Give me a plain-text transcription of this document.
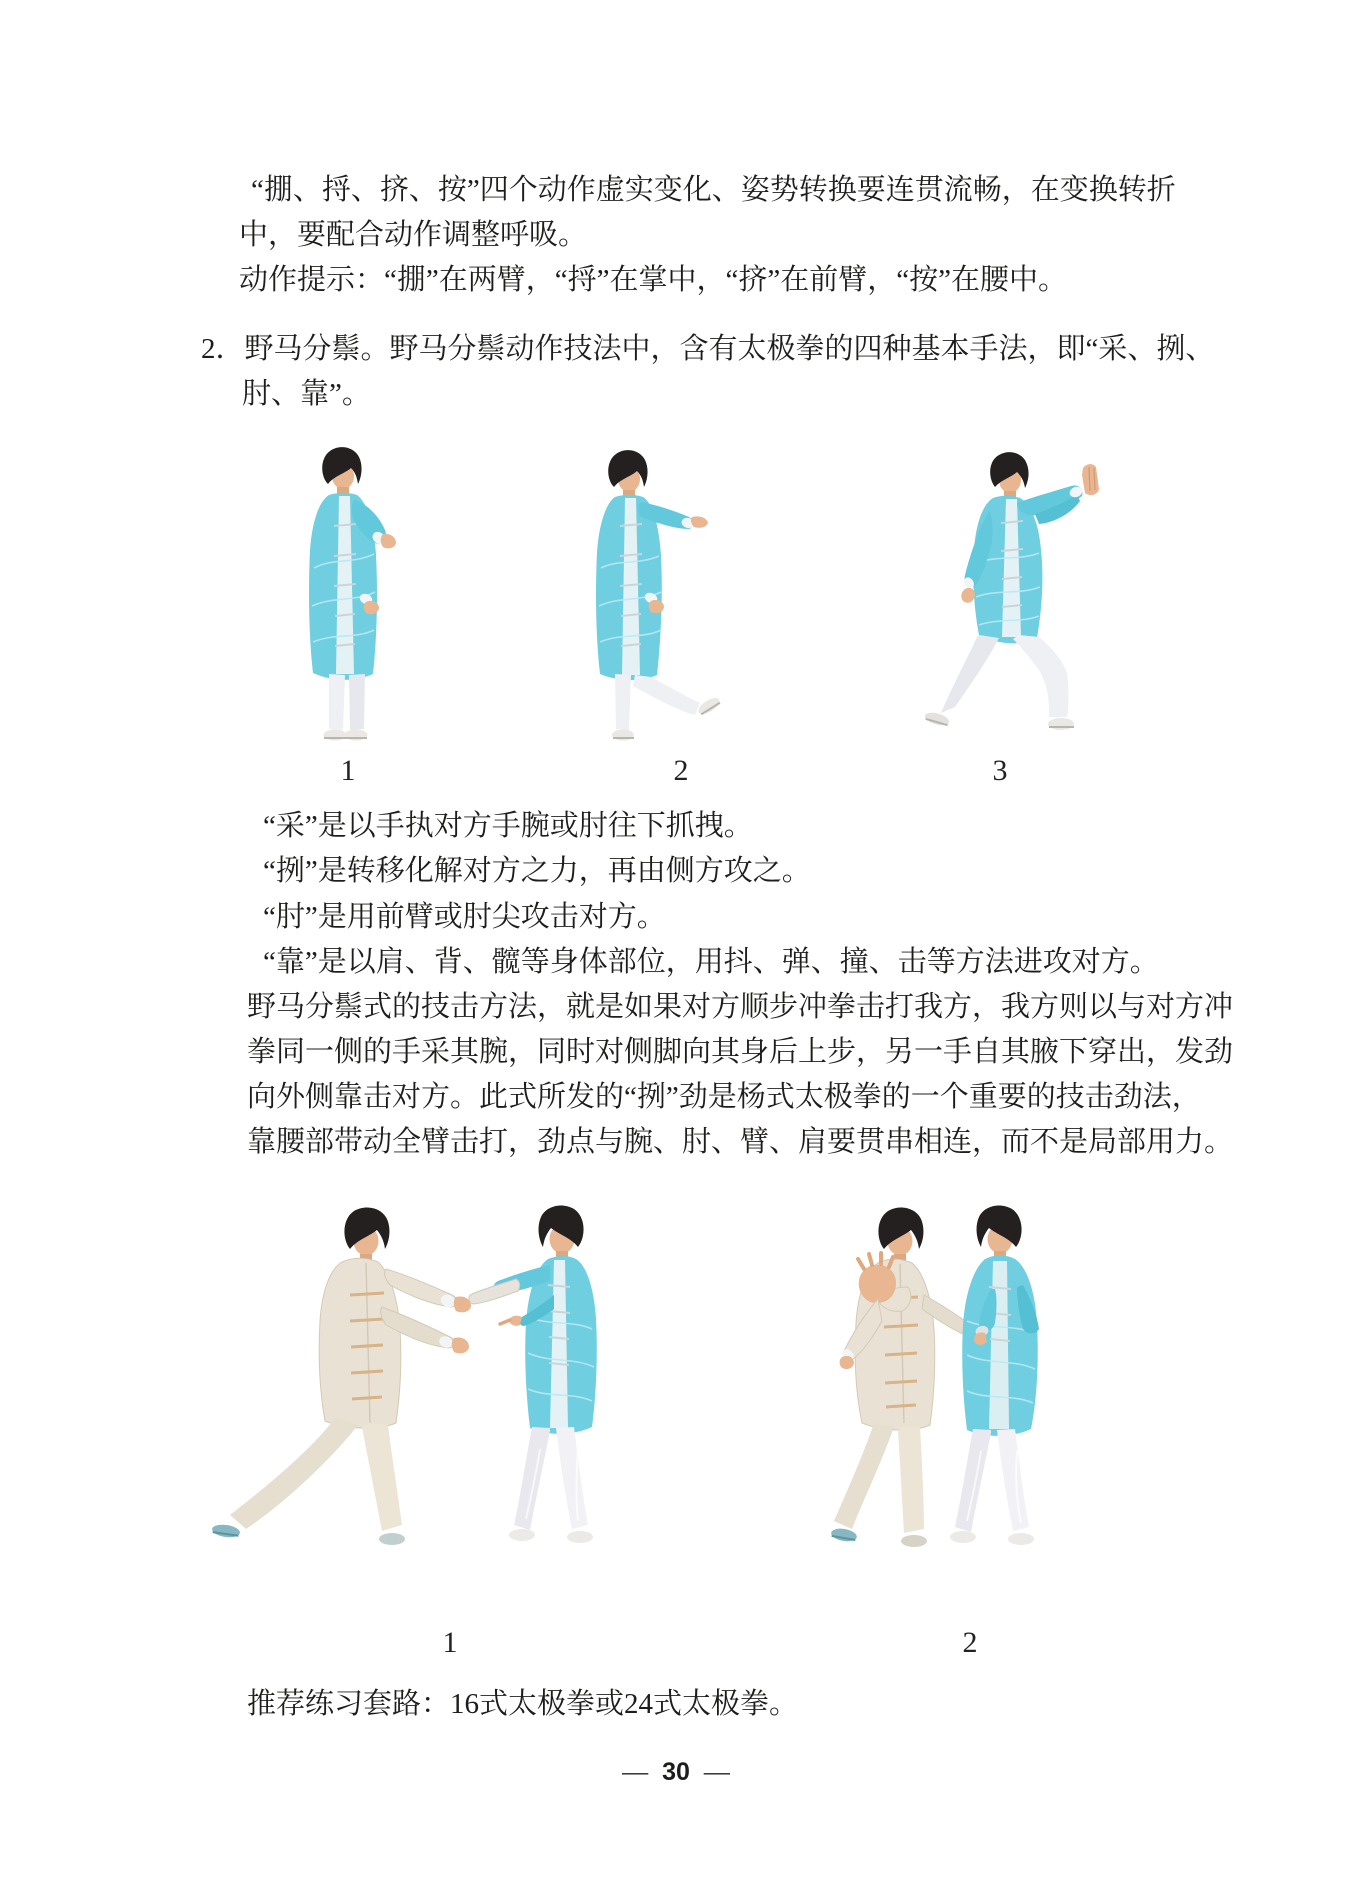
“掤、捋、挤、按”四个动作虚实变化、姿势转换要连贯流畅，在变换转折
中，要配合动作调整呼吸。
动作提示：“掤”在两臂，“捋”在掌中，“挤”在前臂，“按”在腰中。
2．野马分鬃。野马分鬃动作技法中，含有太极拳的四种基本手法，即“采、挒、
肘、靠”。
1	2	3
“采”是以手执对方手腕或肘往下抓拽。
“挒”是转移化解对方之力，再由侧方攻之。
“肘”是用前臂或肘尖攻击对方。
“靠”是以肩、背、髋等身体部位，用抖、弹、撞、击等方法进攻对方。
野马分鬃式的技击方法，就是如果对方顺步冲拳击打我方，我方则以与对方冲
拳同一侧的手采其腕，同时对侧脚向其身后上步，另一手自其腋下穿出，发劲
向外侧靠击对方。此式所发的“挒”劲是杨式太极拳的一个重要的技击劲法，
靠腰部带动全臂击打，劲点与腕、肘、臂、肩要贯串相连，而不是局部用力。
1	2
推荐练习套路：16式太极拳或24式太极拳。
— 30 —
